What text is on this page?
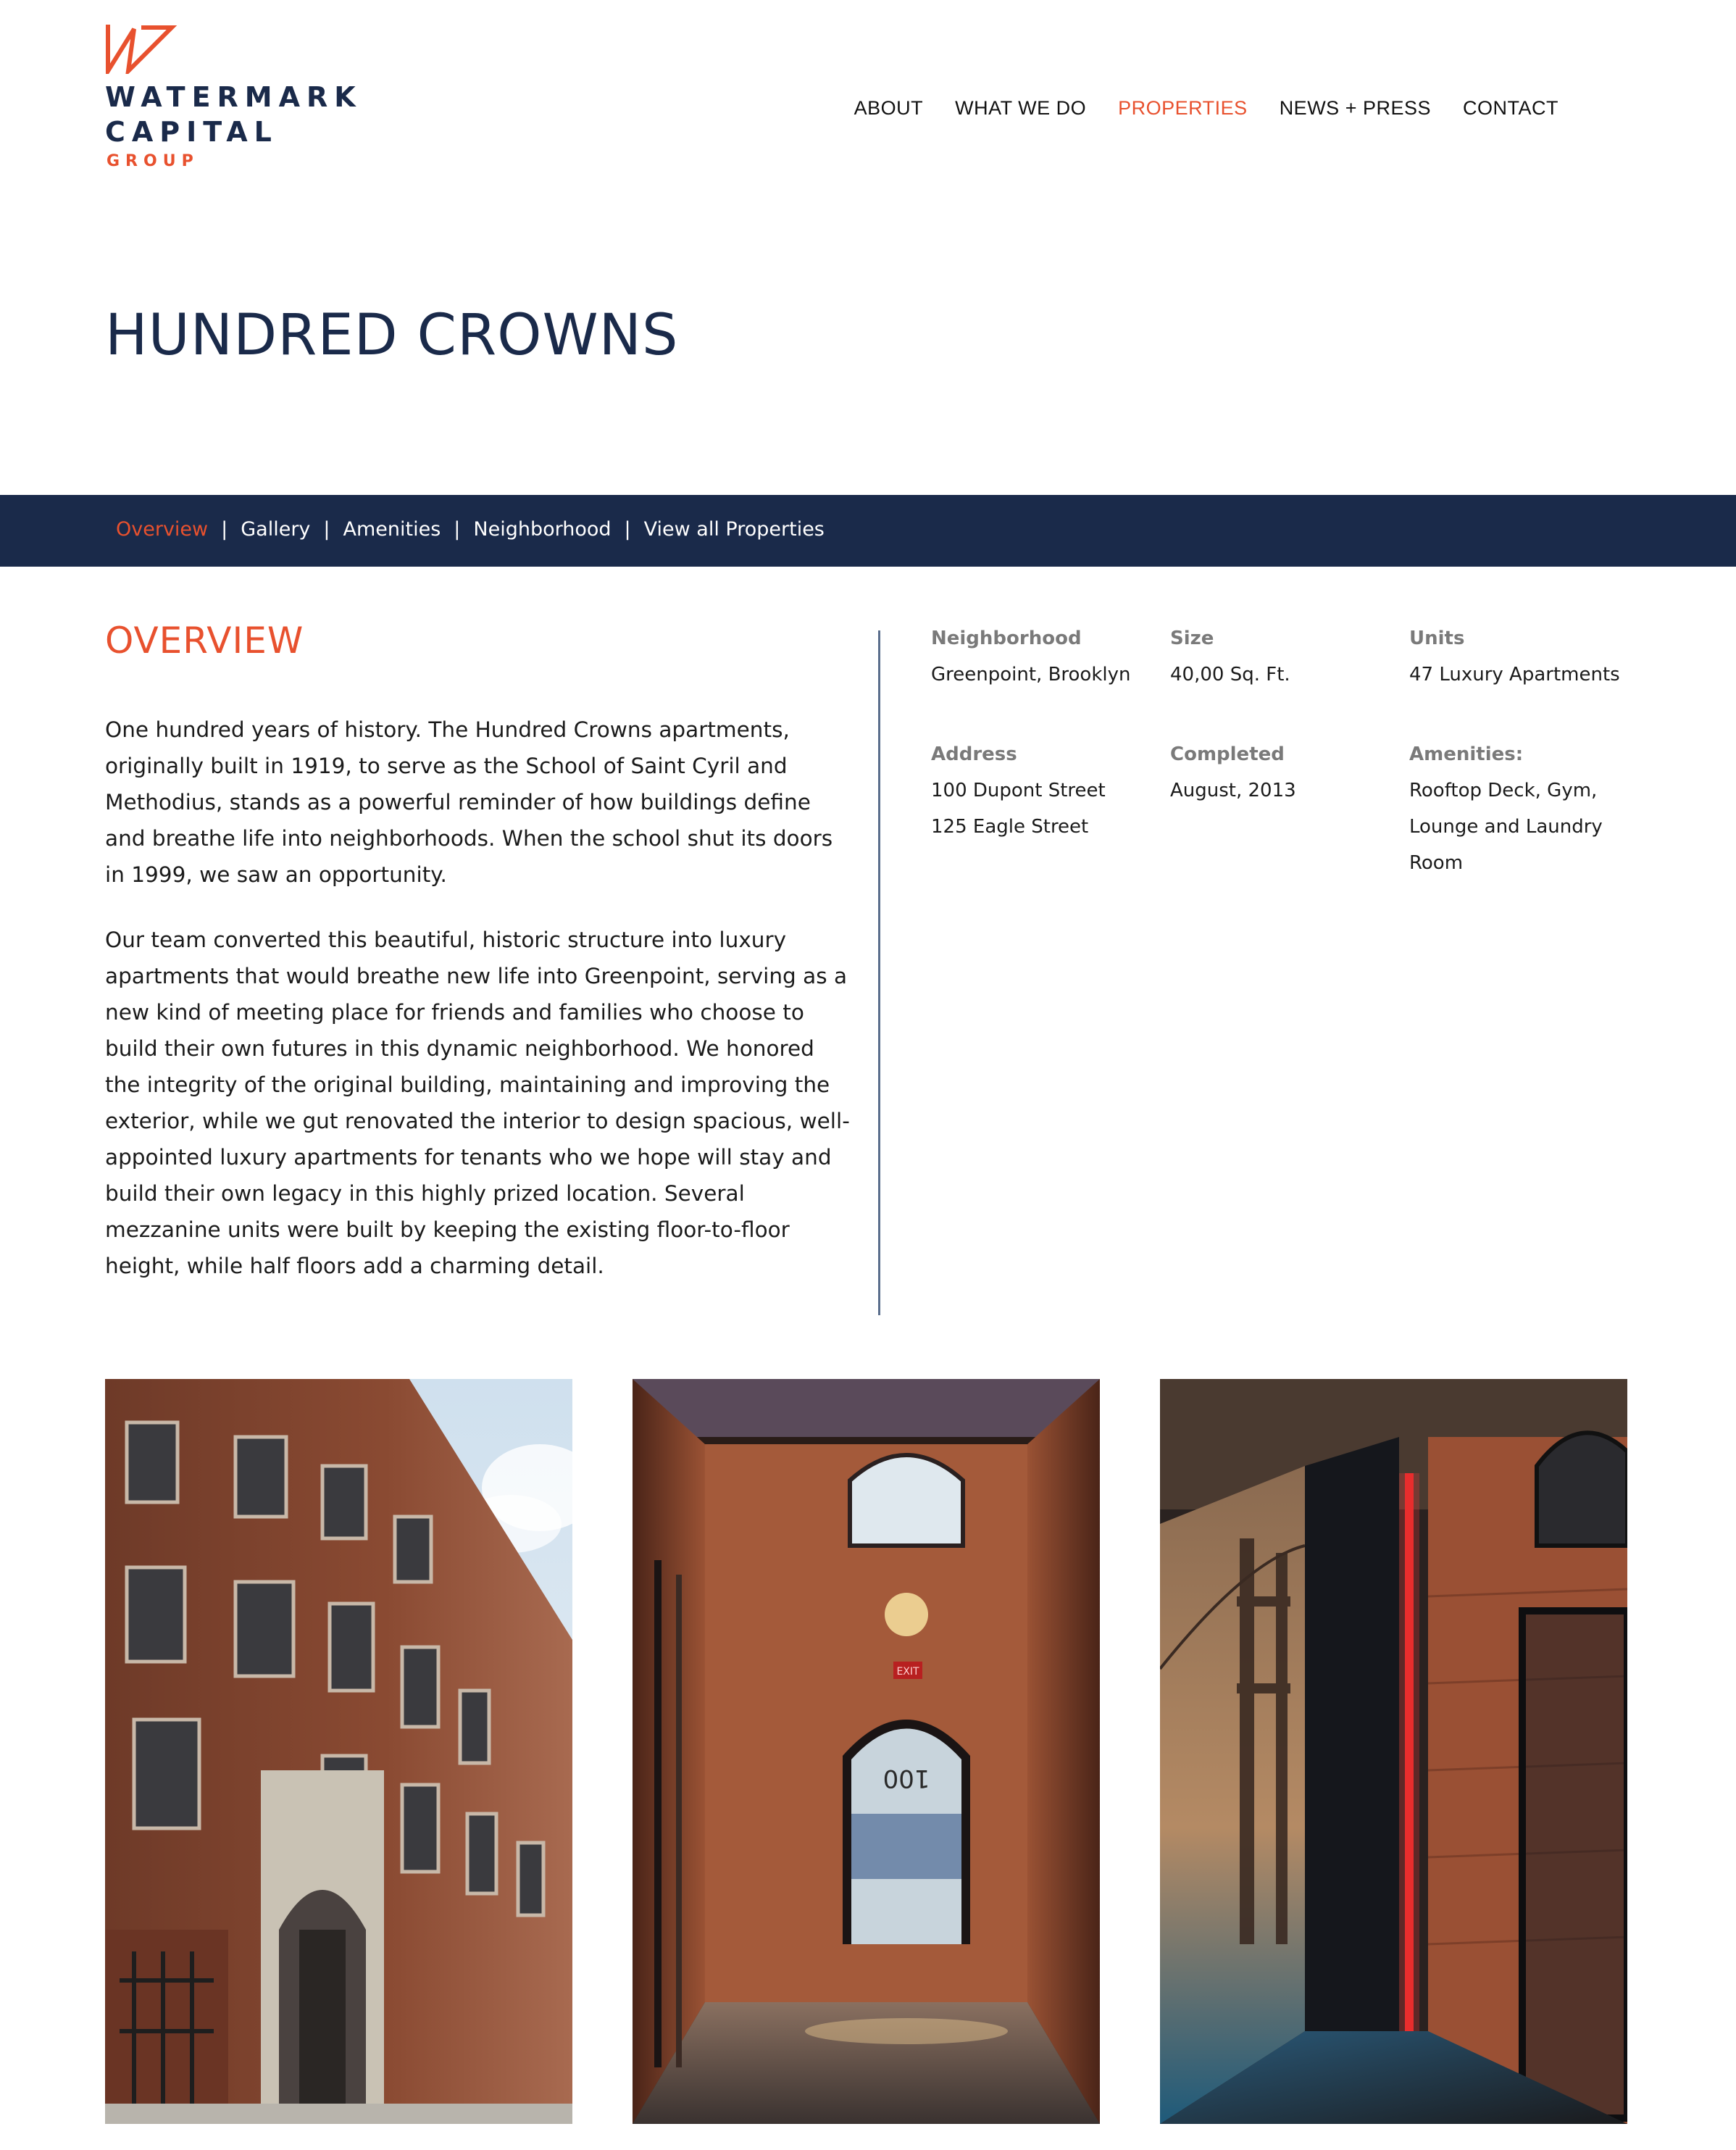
WATERMARK
CAPITAL
GROUP
ABOUT WHAT WE DO PROPERTIES NEWS + PRESS CONTACT
HUNDRED CROWNS
Overview | Gallery | Amenities | Neighborhood | View all Properties
OVERVIEW

One hundred years of history. The Hundred Crowns apartments, originally built in 1919, to serve as the School of Saint Cyril and Methodius, stands as a powerful reminder of how buildings define and breathe life into neighborhoods. When the school shut its doors in 1999, we saw an opportunity.

Our team converted this beautiful, historic structure into luxury apartments that would breathe new life into Greenpoint, serving as a new kind of meeting place for friends and families who choose to build their own futures in this dynamic neighborhood. We honored the integrity of the original building, maintaining and improving the exterior, while we gut renovated the interior to design spacious, well-appointed luxury apartments for tenants who we hope will stay and build their own legacy in this highly prized location. Several mezzanine units were built by keeping the existing floor-to-floor height, while half floors add a charming detail.

Neighborhood
Greenpoint, Brooklyn
Size
40,00 Sq. Ft.
Units
47 Luxury Apartments
Address
100 Dupont Street
125 Eagle Street
Completed
August, 2013
Amenities:
Rooftop Deck, Gym,
Lounge and Laundry
Room
EXIT
100
